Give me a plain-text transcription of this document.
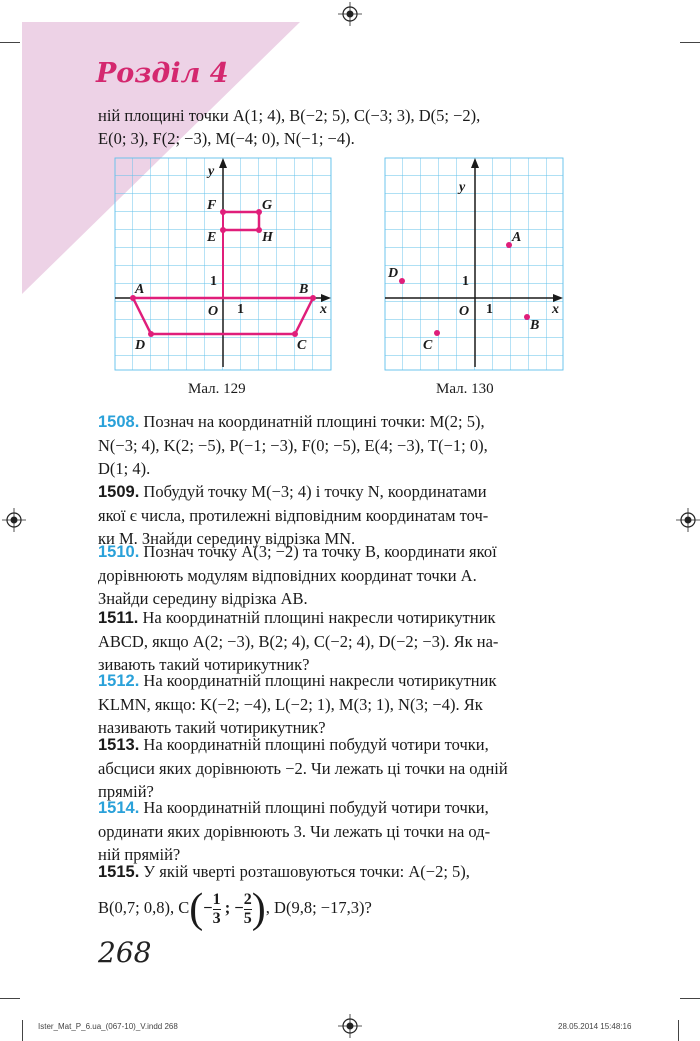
Розділ 4
ній площині точки A(1; 4), B(−2; 5), C(−3; 3), D(5; −2),
E(0; 3), F(2; −3), M(−4; 0), N(−1; −4).
F	G
E	H
A	B
D	C
O	x
y
1
1
Мал. 129
A
D
B
C
O	x
y
1
1
Мал. 130
1508. Познач на координатній площині точки: M(2; 5),
N(−3; 4), K(2; −5), P(−1; −3), F(0; −5), E(4; −3), T(−1; 0),
D(1; 4).
1509. Побудуй точку M(−3; 4) і точку N, координатами
якої є числа, протилежні відповідним координатам точ-
ки M. Знайди середину відрізка MN.
1510. Познач точку A(3; −2) та точку B, координати якої
дорівнюють модулям відповідних координат точки A.
Знайди середину відрізка AB.
1511. На координатній площині накресли чотирикутник
ABCD, якщо A(2; −3), B(2; 4), C(−2; 4), D(−2; −3). Як на-
зивають такий чотирикутник?
1512. На координатній площині накресли чотирикутник
KLMN, якщо: K(−2; −4), L(−2; 1), M(3; 1), N(3; −4). Як
називають такий чотирикутник?
1513. На координатній площині побудуй чотири точки,
абсциси яких дорівнюють −2. Чи лежать ці точки на одній
прямій?
1514. На координатній площині побудуй чотири точки,
ординати яких дорівнюють 3. Чи лежать ці точки на од-
ній прямій?
1515. У якій чверті розташовуються точки: A(−2; 5),
B(0,7; 0,8), $C(- \frac{1}{3}$ ; − $\frac{2}{5}$ ), D(9,8; −17,3)?
268
Ister_Mat_P_6.ua_(067-10)_V.indd 268	28.05.2014 15:48:16
